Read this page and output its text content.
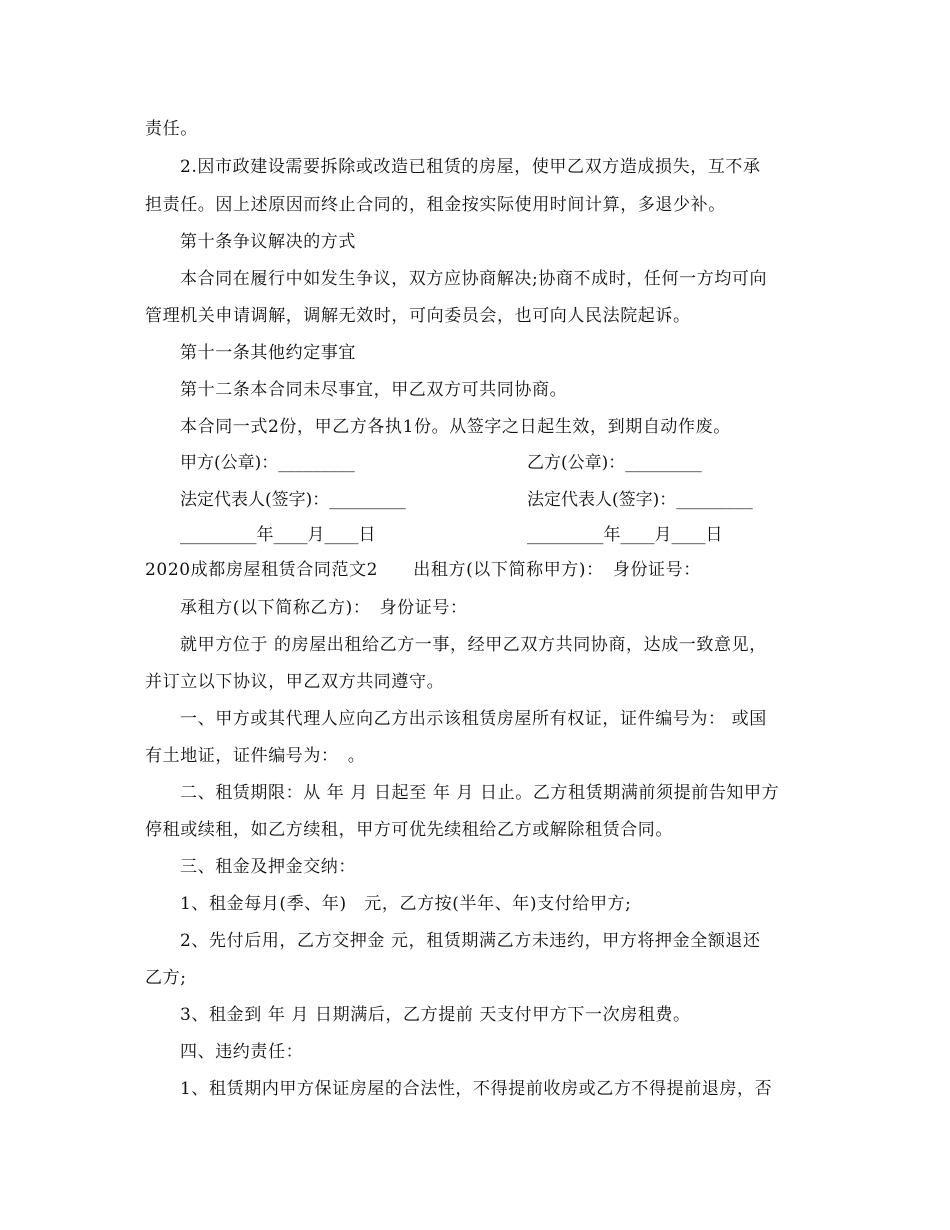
责任。
2.因市政建设需要拆除或改造已租赁的房屋，使甲乙双方造成损失，互不承
担责任。因上述原因而终止合同的，租金按实际使用时间计算，多退少补。
第十条争议解决的方式
本合同在履行中如发生争议，双方应协商解决;协商不成时，任何一方均可向
管理机关申请调解，调解无效时，可向委员会，也可向人民法院起诉。
第十一条其他约定事宜
第十二条本合同未尽事宜，甲乙双方可共同协商。
本合同一式2份，甲乙方各执1份。从签字之日起生效，到期自动作废。
甲方(公章)：_________	乙方(公章)：_________
法定代表人(签字)：_________	法定代表人(签字)：_________
_________年____月____日	_________年____月____日
2020成都房屋租赁合同范文2　　出租方(以下简称甲方)：　身份证号：
承租方(以下简称乙方)：　身份证号：
就甲方位于 的房屋出租给乙方一事，经甲乙双方共同协商，达成一致意见，
并订立以下协议，甲乙双方共同遵守。
一、甲方或其代理人应向乙方出示该租赁房屋所有权证，证件编号为： 或国
有土地证，证件编号为：　。
二、租赁期限：从 年 月 日起至 年 月 日止。乙方租赁期满前须提前告知甲方
停租或续租，如乙方续租，甲方可优先续租给乙方或解除租赁合同。
三、租金及押金交纳：
1、租金每月(季、年)　元，乙方按(半年、年)支付给甲方;
2、先付后用，乙方交押金 元，租赁期满乙方未违约，甲方将押金全额退还
乙方;
3、租金到 年 月 日期满后，乙方提前 天支付甲方下一次房租费。
四、违约责任：
1、租赁期内甲方保证房屋的合法性，不得提前收房或乙方不得提前退房，否
